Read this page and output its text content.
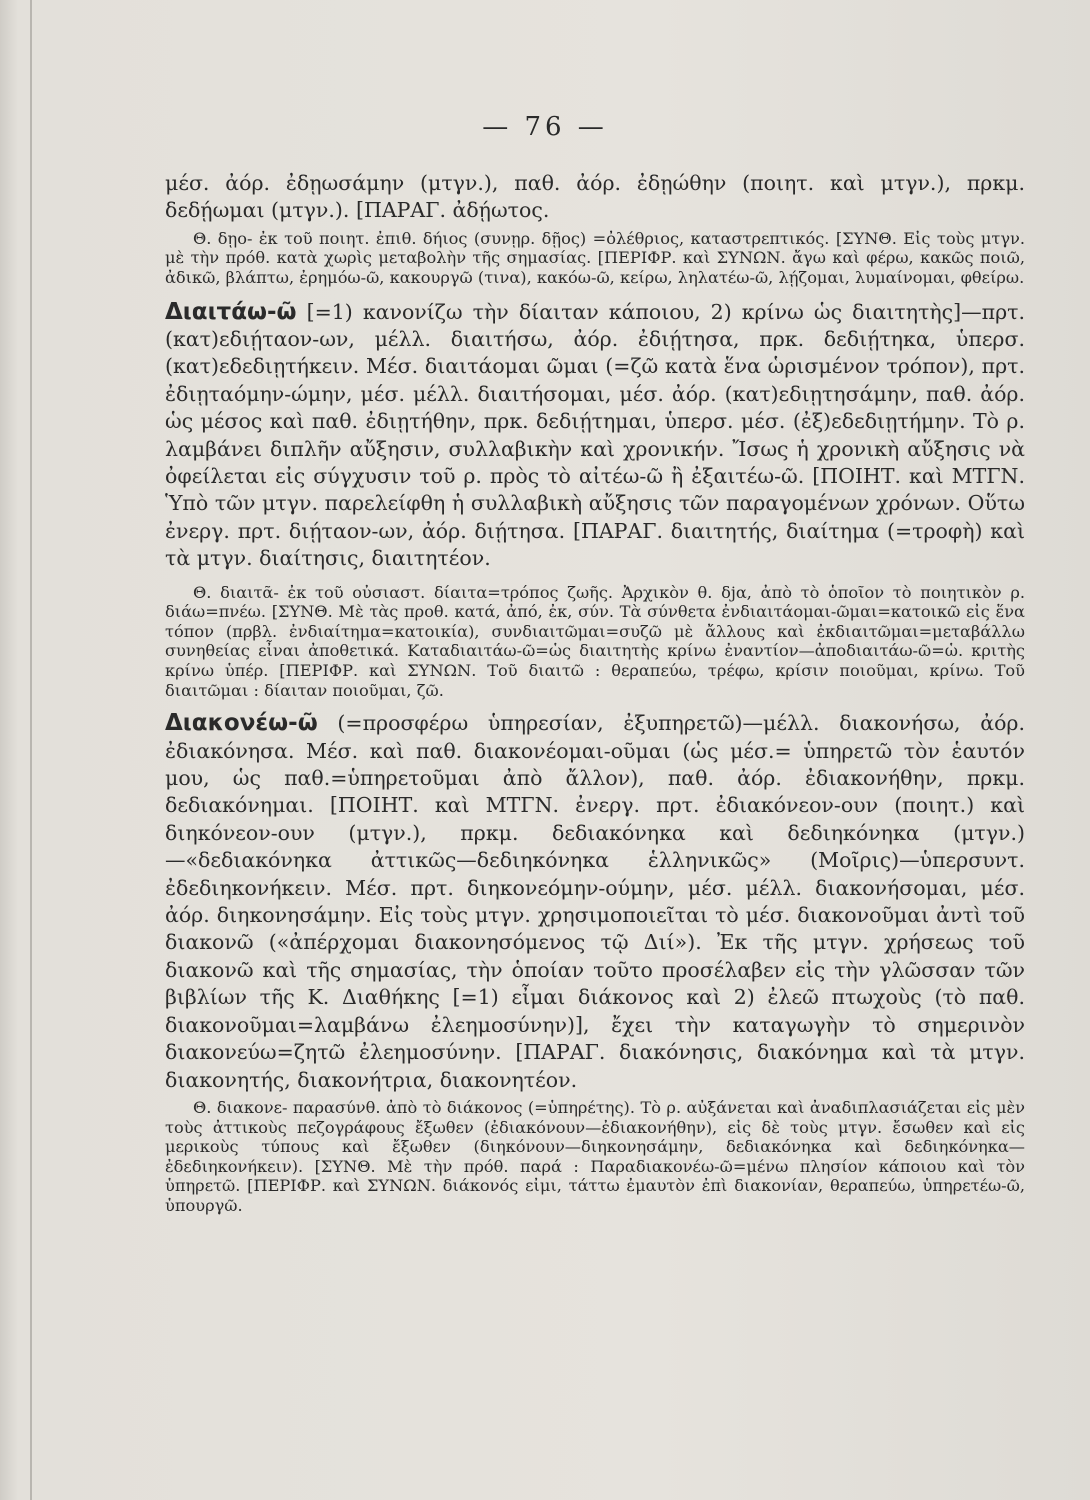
— 76 —

μέσ. ἀόρ. ἐδῃωσάμην (μτγν.), παθ. ἀόρ. ἐδῃώθην (ποιητ. καὶ μτγν.), πρκμ. δεδῄωμαι (μτγν.). [ΠΑΡΑΓ. ἀδῄωτος.

Θ. δῃο- ἐκ τοῦ ποιητ. ἐπιθ. δήιος (συνῃρ. δῇος) =ὀλέθριος, καταστρεπτικός. [ΣΥΝΘ. Εἰς τοὺς μτγν. μὲ τὴν πρόθ. κατὰ χωρὶς μεταβολὴν τῆς σημασίας. [ΠΕΡΙΦΡ. καὶ ΣΥΝΩΝ. ἄγω καὶ φέρω, κακῶς ποιῶ, ἀδικῶ, βλάπτω, ἐρημόω-ῶ, κακουργῶ (τινα), κακόω-ῶ, κείρω, ληλατέω-ῶ, λῄζομαι, λυμαίνομαι, φθείρω.

Διαιτάω-ῶ [=1) κανονίζω τὴν δίαιταν κάποιου, 2) κρίνω ὡς διαιτητὴς]—πρτ. (κατ)εδιῄταον-ων, μέλλ. διαιτήσω, ἀόρ. ἐδιῄτησα, πρκ. δεδιῄτηκα, ὑπερσ. (κατ)εδεδιῃτήκειν. Μέσ. διαιτάομαι ῶμαι (=ζῶ κατὰ ἕνα ὡρισμένον τρόπον), πρτ. ἐδιῃταόμην-ώμην, μέσ. μέλλ. διαιτήσομαι, μέσ. ἀόρ. (κατ)εδιῃτησάμην, παθ. ἀόρ. ὡς μέσος καὶ παθ. ἐδιῃτήθην, πρκ. δεδιῄτημαι, ὑπερσ. μέσ. (ἐξ)εδεδιῃτήμην. Τὸ ρ. λαμβάνει διπλῆν αὔξησιν, συλλαβικὴν καὶ χρονικήν. Ἴσως ἡ χρονικὴ αὔξησις νὰ ὀφείλεται εἰς σύγχυσιν τοῦ ρ. πρὸς τὸ αἰτέω-ῶ ἢ ἐξαιτέω-ῶ. [ΠΟΙΗΤ. καὶ ΜΤΓΝ. Ὑπὸ τῶν μτγν. παρελείφθη ἡ συλλαβικὴ αὔξησις τῶν παραγομένων χρόνων. Οὕτω ἐνεργ. πρτ. διῄταον-ων, ἀόρ. διῄτησα. [ΠΑΡΑΓ. διαιτητής, διαίτημα (=τροφὴ) καὶ τὰ μτγν. διαίτησις, διαιτητέον.

Θ. διαιτᾶ- ἐκ τοῦ οὐσιαστ. δίαιτα=τρόπος ζωῆς. Ἀρχικὸν θ. δjα, ἀπὸ τὸ ὁποῖον τὸ ποιητικὸν ρ. διάω=πνέω. [ΣΥΝΘ. Μὲ τὰς προθ. κατά, ἀπό, ἐκ, σύν. Τὰ σύνθετα ἐνδιαιτάομαι-ῶμαι=κατοικῶ εἰς ἕνα τόπον (πρβλ. ἐνδιαίτημα=κατοικία), συνδιαιτῶμαι=συζῶ μὲ ἄλλους καὶ ἐκδιαιτῶμαι=μεταβάλλω συνηθείας εἶναι ἀποθετικά. Καταδιαιτάω-ῶ=ὡς διαιτητὴς κρίνω ἐναντίον—ἀποδιαιτάω-ῶ=ὡ. κριτὴς κρίνω ὑπέρ. [ΠΕΡΙΦΡ. καὶ ΣΥΝΩΝ. Τοῦ διαιτῶ : θεραπεύω, τρέφω, κρίσιν ποιοῦμαι, κρίνω. Τοῦ διαιτῶμαι : δίαιταν ποιοῦμαι, ζῶ.

Διακονέω-ῶ (=προσφέρω ὑπηρεσίαν, ἐξυπηρετῶ)—μέλλ. διακονήσω, ἀόρ. ἐδιακόνησα. Μέσ. καὶ παθ. διακονέομαι-οῦμαι (ὡς μέσ.= ὑπηρετῶ τὸν ἑαυτόν μου, ὡς παθ.=ὑπηρετοῦμαι ἀπὸ ἄλλον), παθ. ἀόρ. ἐδιακονήθην, πρκμ. δεδιακόνημαι. [ΠΟΙΗΤ. καὶ ΜΤΓΝ. ἐνεργ. πρτ. ἐδιακόνεον-ουν (ποιητ.) καὶ διηκόνεον-ουν (μτγν.), πρκμ. δεδιακόνηκα καὶ δεδιηκόνηκα (μτγν.)—«δεδιακόνηκα ἀττικῶς—δεδιηκόνηκα ἑλληνικῶς» (Μοῖρις)—ὑπερσυντ. ἐδεδιηκονήκειν. Μέσ. πρτ. διηκονεόμην-ούμην, μέσ. μέλλ. διακονήσομαι, μέσ. ἀόρ. διηκονησάμην. Εἰς τοὺς μτγν. χρησιμοποιεῖται τὸ μέσ. διακονοῦμαι ἀντὶ τοῦ διακονῶ («ἀπέρχομαι διακονησόμενος τῷ Διί»). Ἐκ τῆς μτγν. χρήσεως τοῦ διακονῶ καὶ τῆς σημασίας, τὴν ὁποίαν τοῦτο προσέλαβεν εἰς τὴν γλῶσσαν τῶν βιβλίων τῆς Κ. Διαθήκης [=1) εἶμαι διάκονος καὶ 2) ἐλεῶ πτωχοὺς (τὸ παθ. διακονοῦμαι=λαμβάνω ἐλεημοσύνην)], ἔχει τὴν καταγωγὴν τὸ σημερινὸν διακονεύω=ζητῶ ἐλεημοσύνην. [ΠΑΡΑΓ. διακόνησις, διακόνημα καὶ τὰ μτγν. διακονητής, διακονήτρια, διακονητέον.

Θ. διακονε- παρασύνθ. ἀπὸ τὸ διάκονος (=ὑπηρέτης). Τὸ ρ. αὐξάνεται καὶ ἀναδιπλασιάζεται εἰς μὲν τοὺς ἀττικοὺς πεζογράφους ἔξωθεν (ἐδιακόνουν—ἐδιακονήθην), εἰς δὲ τοὺς μτγν. ἔσωθεν καὶ εἰς μερικοὺς τύπους καὶ ἔξωθεν (διηκόνουν—διηκονησάμην, δεδιακόνηκα καὶ δεδιηκόνηκα—ἐδεδιηκονήκειν). [ΣΥΝΘ. Μὲ τὴν πρόθ. παρά : Παραδιακονέω-ῶ=μένω πλησίον κάποιου καὶ τὸν ὑπηρετῶ. [ΠΕΡΙΦΡ. καὶ ΣΥΝΩΝ. διάκονός εἰμι, τάττω ἐμαυτὸν ἐπὶ διακονίαν, θεραπεύω, ὑπηρετέω-ῶ, ὑπουργῶ.
